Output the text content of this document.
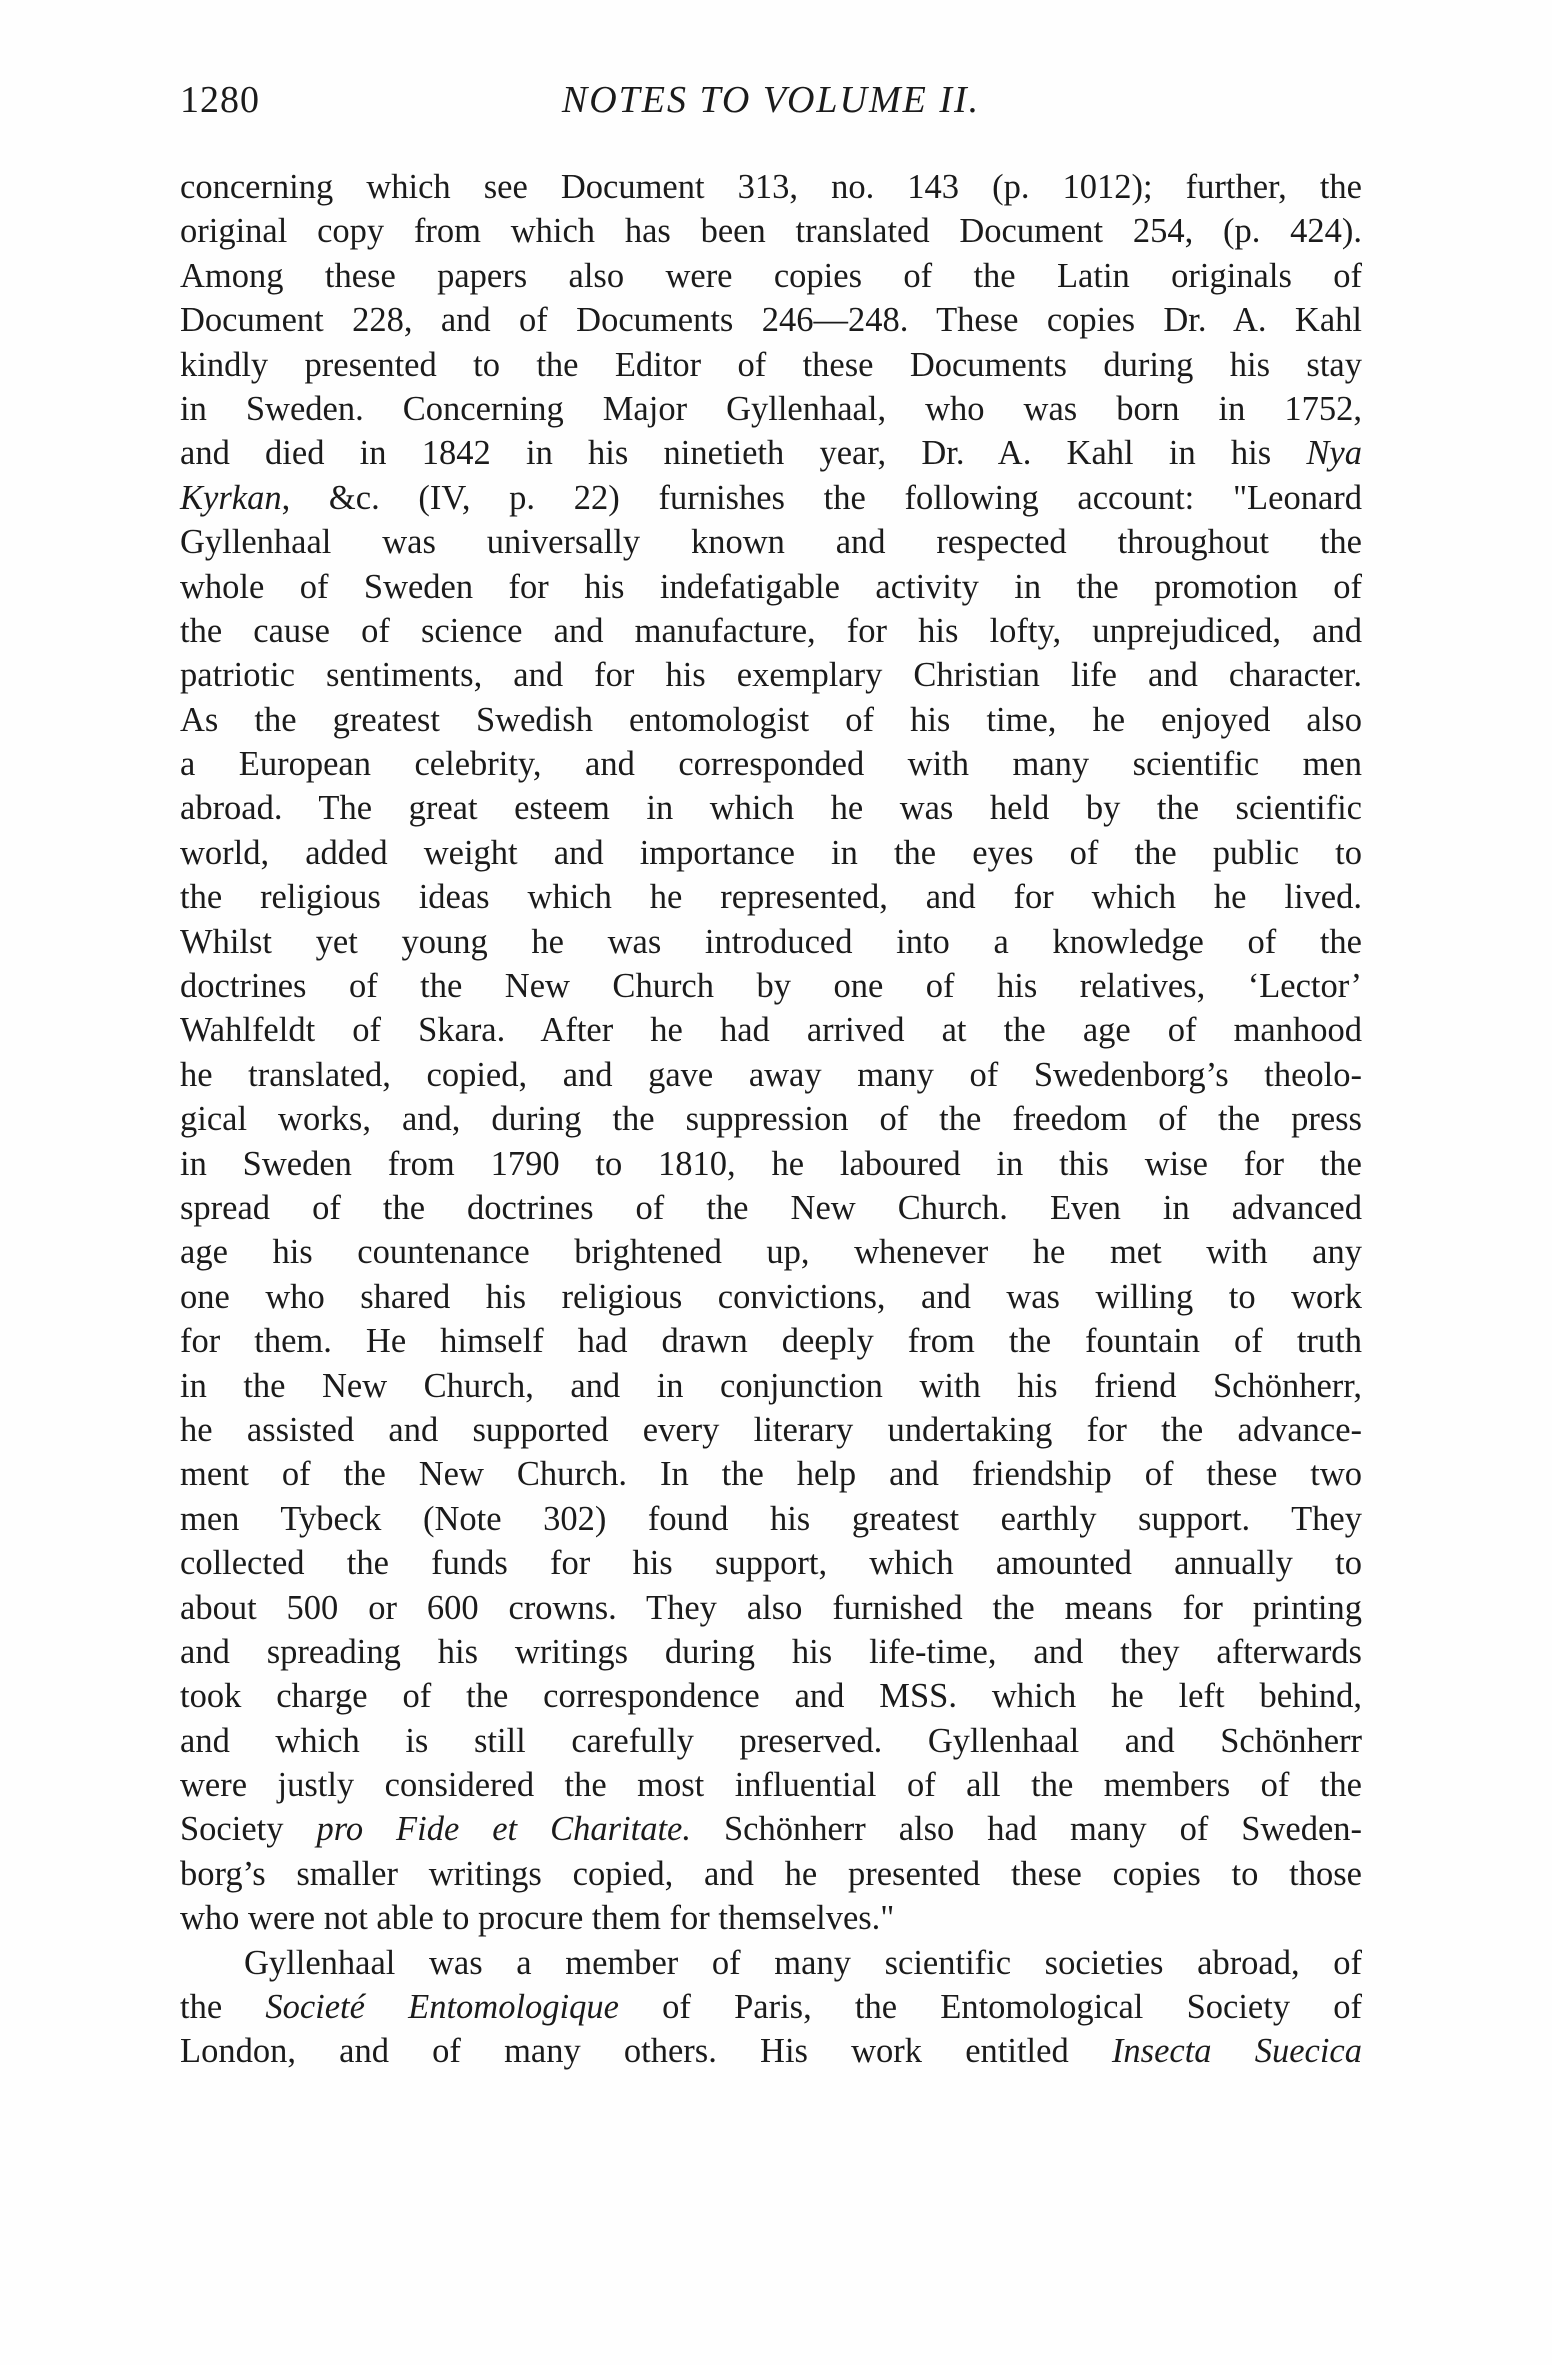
1280	NOTES TO VOLUME II.
concerning which see Document 313, no. 143 (p. 1012); further, the
original copy from which has been translated Document 254, (p. 424).
Among these papers also were copies of the Latin originals of
Document 228, and of Documents 246—248. These copies Dr. A. Kahl
kindly presented to the Editor of these Documents during his stay
in Sweden. Concerning Major Gyllenhaal, who was born in 1752,
and died in 1842 in his ninetieth year, Dr. A. Kahl in his Nya
Kyrkan, &c. (IV, p. 22) furnishes the following account: "Leonard
Gyllenhaal was universally known and respected throughout the
whole of Sweden for his indefatigable activity in the promotion of
the cause of science and manufacture, for his lofty, unprejudiced, and
patriotic sentiments, and for his exemplary Christian life and character.
As the greatest Swedish entomologist of his time, he enjoyed also
a European celebrity, and corresponded with many scientific men
abroad. The great esteem in which he was held by the scientific
world, added weight and importance in the eyes of the public to
the religious ideas which he represented, and for which he lived.
Whilst yet young he was introduced into a knowledge of the
doctrines of the New Church by one of his relatives, ‘Lector’
Wahlfeldt of Skara. After he had arrived at the age of manhood
he translated, copied, and gave away many of Swedenborg’s theolo-
gical works, and, during the suppression of the freedom of the press
in Sweden from 1790 to 1810, he laboured in this wise for the
spread of the doctrines of the New Church. Even in advanced
age his countenance brightened up, whenever he met with any
one who shared his religious convictions, and was willing to work
for them. He himself had drawn deeply from the fountain of truth
in the New Church, and in conjunction with his friend Schönherr,
he assisted and supported every literary undertaking for the advance-
ment of the New Church. In the help and friendship of these two
men Tybeck (Note 302) found his greatest earthly support. They
collected the funds for his support, which amounted annually to
about 500 or 600 crowns. They also furnished the means for printing
and spreading his writings during his life-time, and they afterwards
took charge of the correspondence and MSS. which he left behind,
and which is still carefully preserved. Gyllenhaal and Schönherr
were justly considered the most influential of all the members of the
Society pro Fide et Charitate. Schönherr also had many of Sweden-
borg’s smaller writings copied, and he presented these copies to those
who were not able to procure them for themselves."
Gyllenhaal was a member of many scientific societies abroad, of
the Societé Entomologique of Paris, the Entomological Society of
London, and of many others. His work entitled Insecta Suecica
